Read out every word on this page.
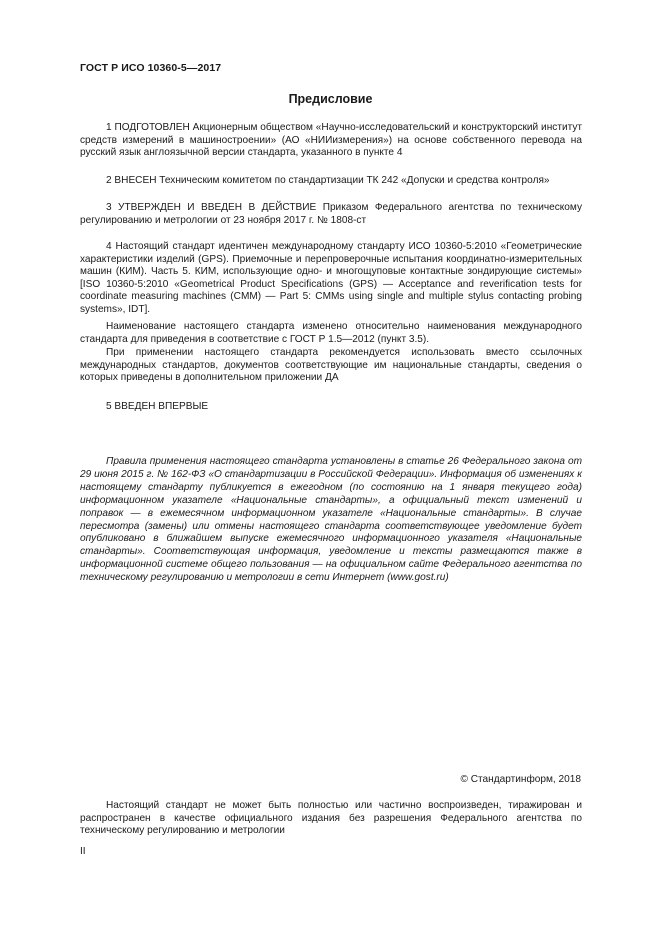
ГОСТ Р ИСО 10360-5—2017
Предисловие

1 ПОДГОТОВЛЕН Акционерным обществом «Научно-исследовательский и конструкторский институт средств измерений в машиностроении» (АО «НИИизмерения») на основе собственного перевода на русский язык англоязычной версии стандарта, указанного в пункте 4

2 ВНЕСЕН Техническим комитетом по стандартизации ТК 242 «Допуски и средства контроля»

3 УТВЕРЖДЕН И ВВЕДЕН В ДЕЙСТВИЕ Приказом Федерального агентства по техническому регулированию и метрологии от 23 ноября 2017 г. № 1808-ст

4 Настоящий стандарт идентичен международному стандарту ИСО 10360-5:2010 «Геометрические характеристики изделий (GPS). Приемочные и перепроверочные испытания координатно-измерительных машин (КИМ). Часть 5. КИМ, использующие одно- и многощуповые контактные зондирующие системы» [ISO 10360-5:2010 «Geometrical Product Specifications (GPS) — Acceptance and reverification tests for coordinate measuring machines (CMM) — Part 5: CMMs using single and multiple stylus contacting probing systems», IDT].

Наименование настоящего стандарта изменено относительно наименования международного стандарта для приведения в соответствие с ГОСТ Р 1.5—2012 (пункт 3.5).

При применении настоящего стандарта рекомендуется использовать вместо ссылочных международных стандартов, документов соответствующие им национальные стандарты, сведения о которых приведены в дополнительном приложении ДА

5 ВВЕДЕН ВПЕРВЫЕ

Правила применения настоящего стандарта установлены в статье 26 Федерального закона от 29 июня 2015 г. № 162-ФЗ «О стандартизации в Российской Федерации». Информация об изменениях к настоящему стандарту публикуется в ежегодном (по состоянию на 1 января текущего года) информационном указателе «Национальные стандарты», а официальный текст изменений и поправок — в ежемесячном информационном указателе «Национальные стандарты». В случае пересмотра (замены) или отмены настоящего стандарта соответствующее уведомление будет опубликовано в ближайшем выпуске ежемесячного информационного указателя «Национальные стандарты». Соответствующая информация, уведомление и тексты размещаются также в информационной системе общего пользования — на официальном сайте Федерального агентства по техническому регулированию и метрологии в сети Интернет (www.gost.ru)

© Стандартинформ, 2018

Настоящий стандарт не может быть полностью или частично воспроизведен, тиражирован и распространен в качестве официального издания без разрешения Федерального агентства по техническому регулированию и метрологии

II
